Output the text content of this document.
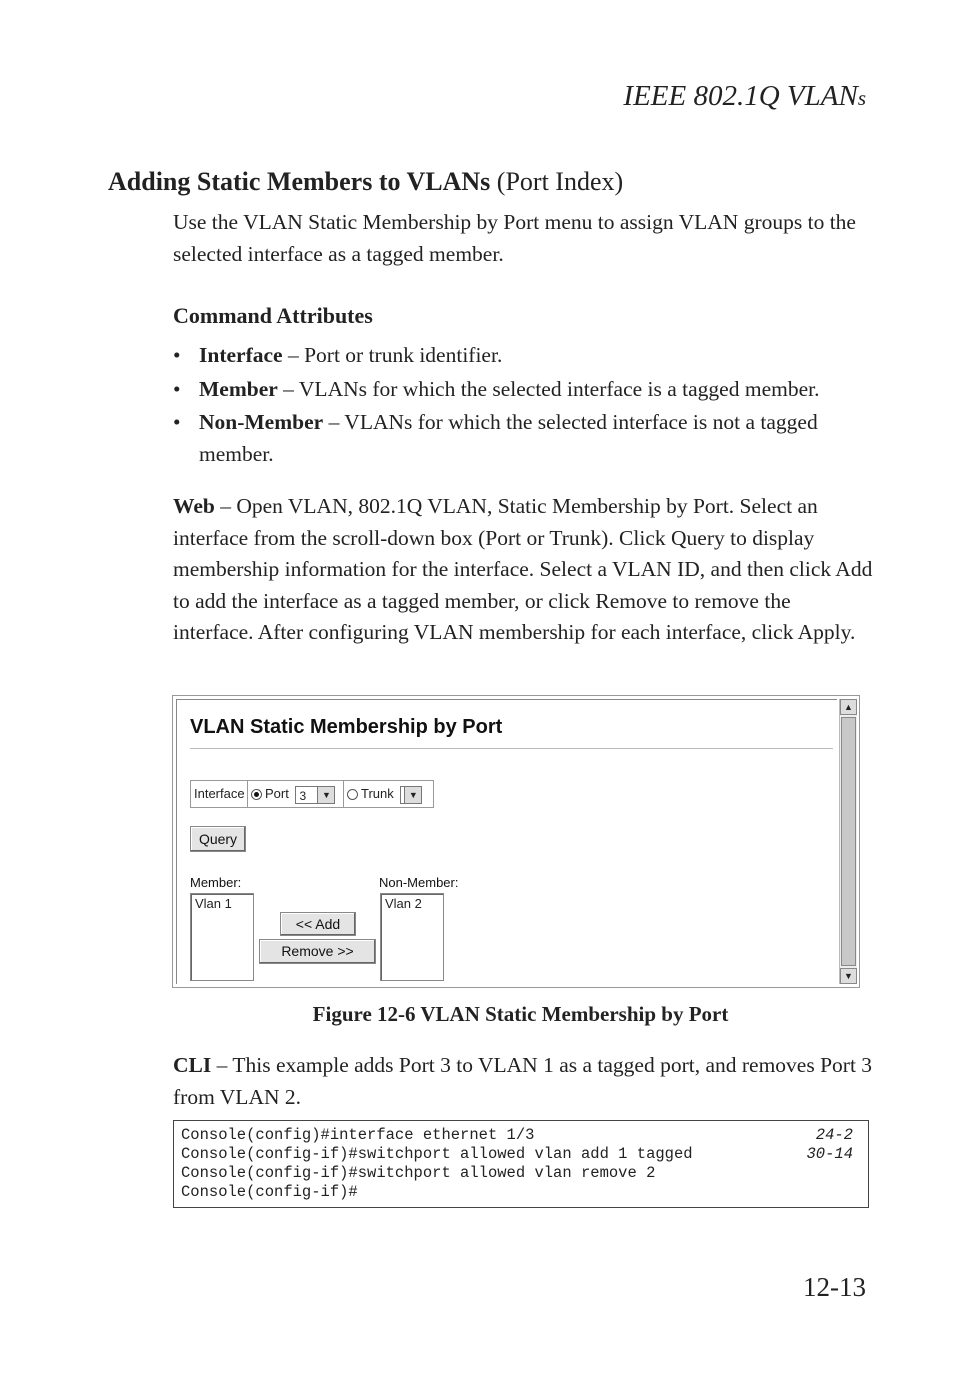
IEEE 802.1Q VLANs
Adding Static Members to VLANs (Port Index)
Use the VLAN Static Membership by Port menu to assign VLAN groups to the selected interface as a tagged member.
Command Attributes
• Interface – Port or trunk identifier.
• Member – VLANs for which the selected interface is a tagged member.
• Non-Member – VLANs for which the selected interface is not a tagged member.
Web – Open VLAN, 802.1Q VLAN, Static Membership by Port. Select an interface from the scroll-down box (Port or Trunk). Click Query to display membership information for the interface. Select a VLAN ID, and then click Add to add the interface as a tagged member, or click Remove to remove the interface. After configuring VLAN membership for each interface, click Apply.
VLAN Static Membership by Port
Interface	Port 3	▼	Trunk	▼
Query
Member:
Vlan 1
<< Add
Remove >>
Non-Member:
Vlan 2
▲
▼
Figure 12-6 VLAN Static Membership by Port
CLI – This example adds Port 3 to VLAN 1 as a tagged port, and removes Port 3 from VLAN 2.
Console(config)#interface ethernet 1/3	24-2
Console(config-if)#switchport allowed vlan add 1 tagged	30-14
Console(config-if)#switchport allowed vlan remove 2
Console(config-if)#
12-13
